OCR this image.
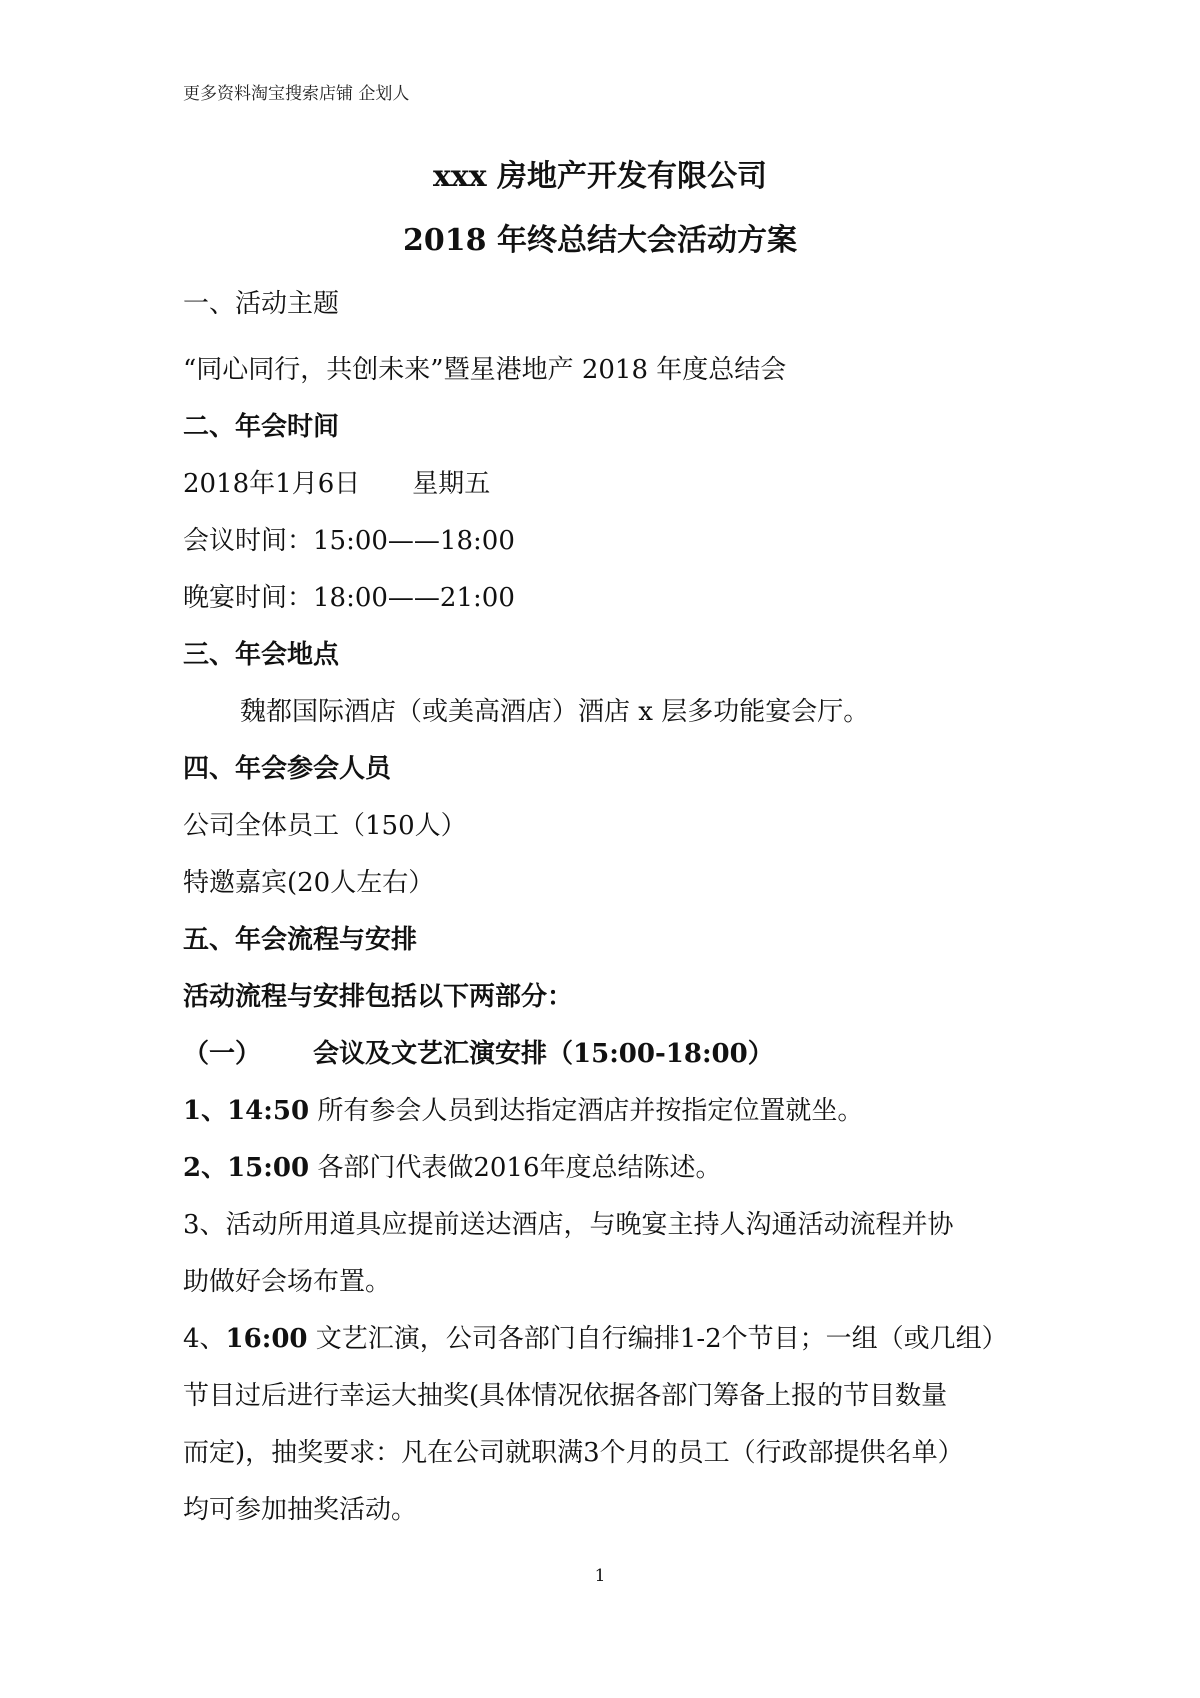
更多资料淘宝搜索店铺 企划人
xxx 房地产开发有限公司
2018 年终总结大会活动方案
一、活动主题
“同心同行，共创未来”暨星港地产 2018 年度总结会
二、年会时间
2018年1月6日 星期五
会议时间：15:00——18:00
晚宴时间：18:00——21:00
三、年会地点
魏都国际酒店（或美高酒店）酒店 x 层多功能宴会厅。
四、年会参会人员
公司全体员工（150人）
特邀嘉宾(20人左右）
五、年会流程与安排
活动流程与安排包括以下两部分：
（一） 会议及文艺汇演安排（15:00-18:00）
1、14:50 所有参会人员到达指定酒店并按指定位置就坐。
2、15:00 各部门代表做2016年度总结陈述。
3、活动所用道具应提前送达酒店，与晚宴主持人沟通活动流程并协
助做好会场布置。
4、16:00 文艺汇演，公司各部门自行编排1-2个节目；一组（或几组）
节目过后进行幸运大抽奖(具体情况依据各部门筹备上报的节目数量
而定)，抽奖要求：凡在公司就职满3个月的员工（行政部提供名单）
均可参加抽奖活动。
1
